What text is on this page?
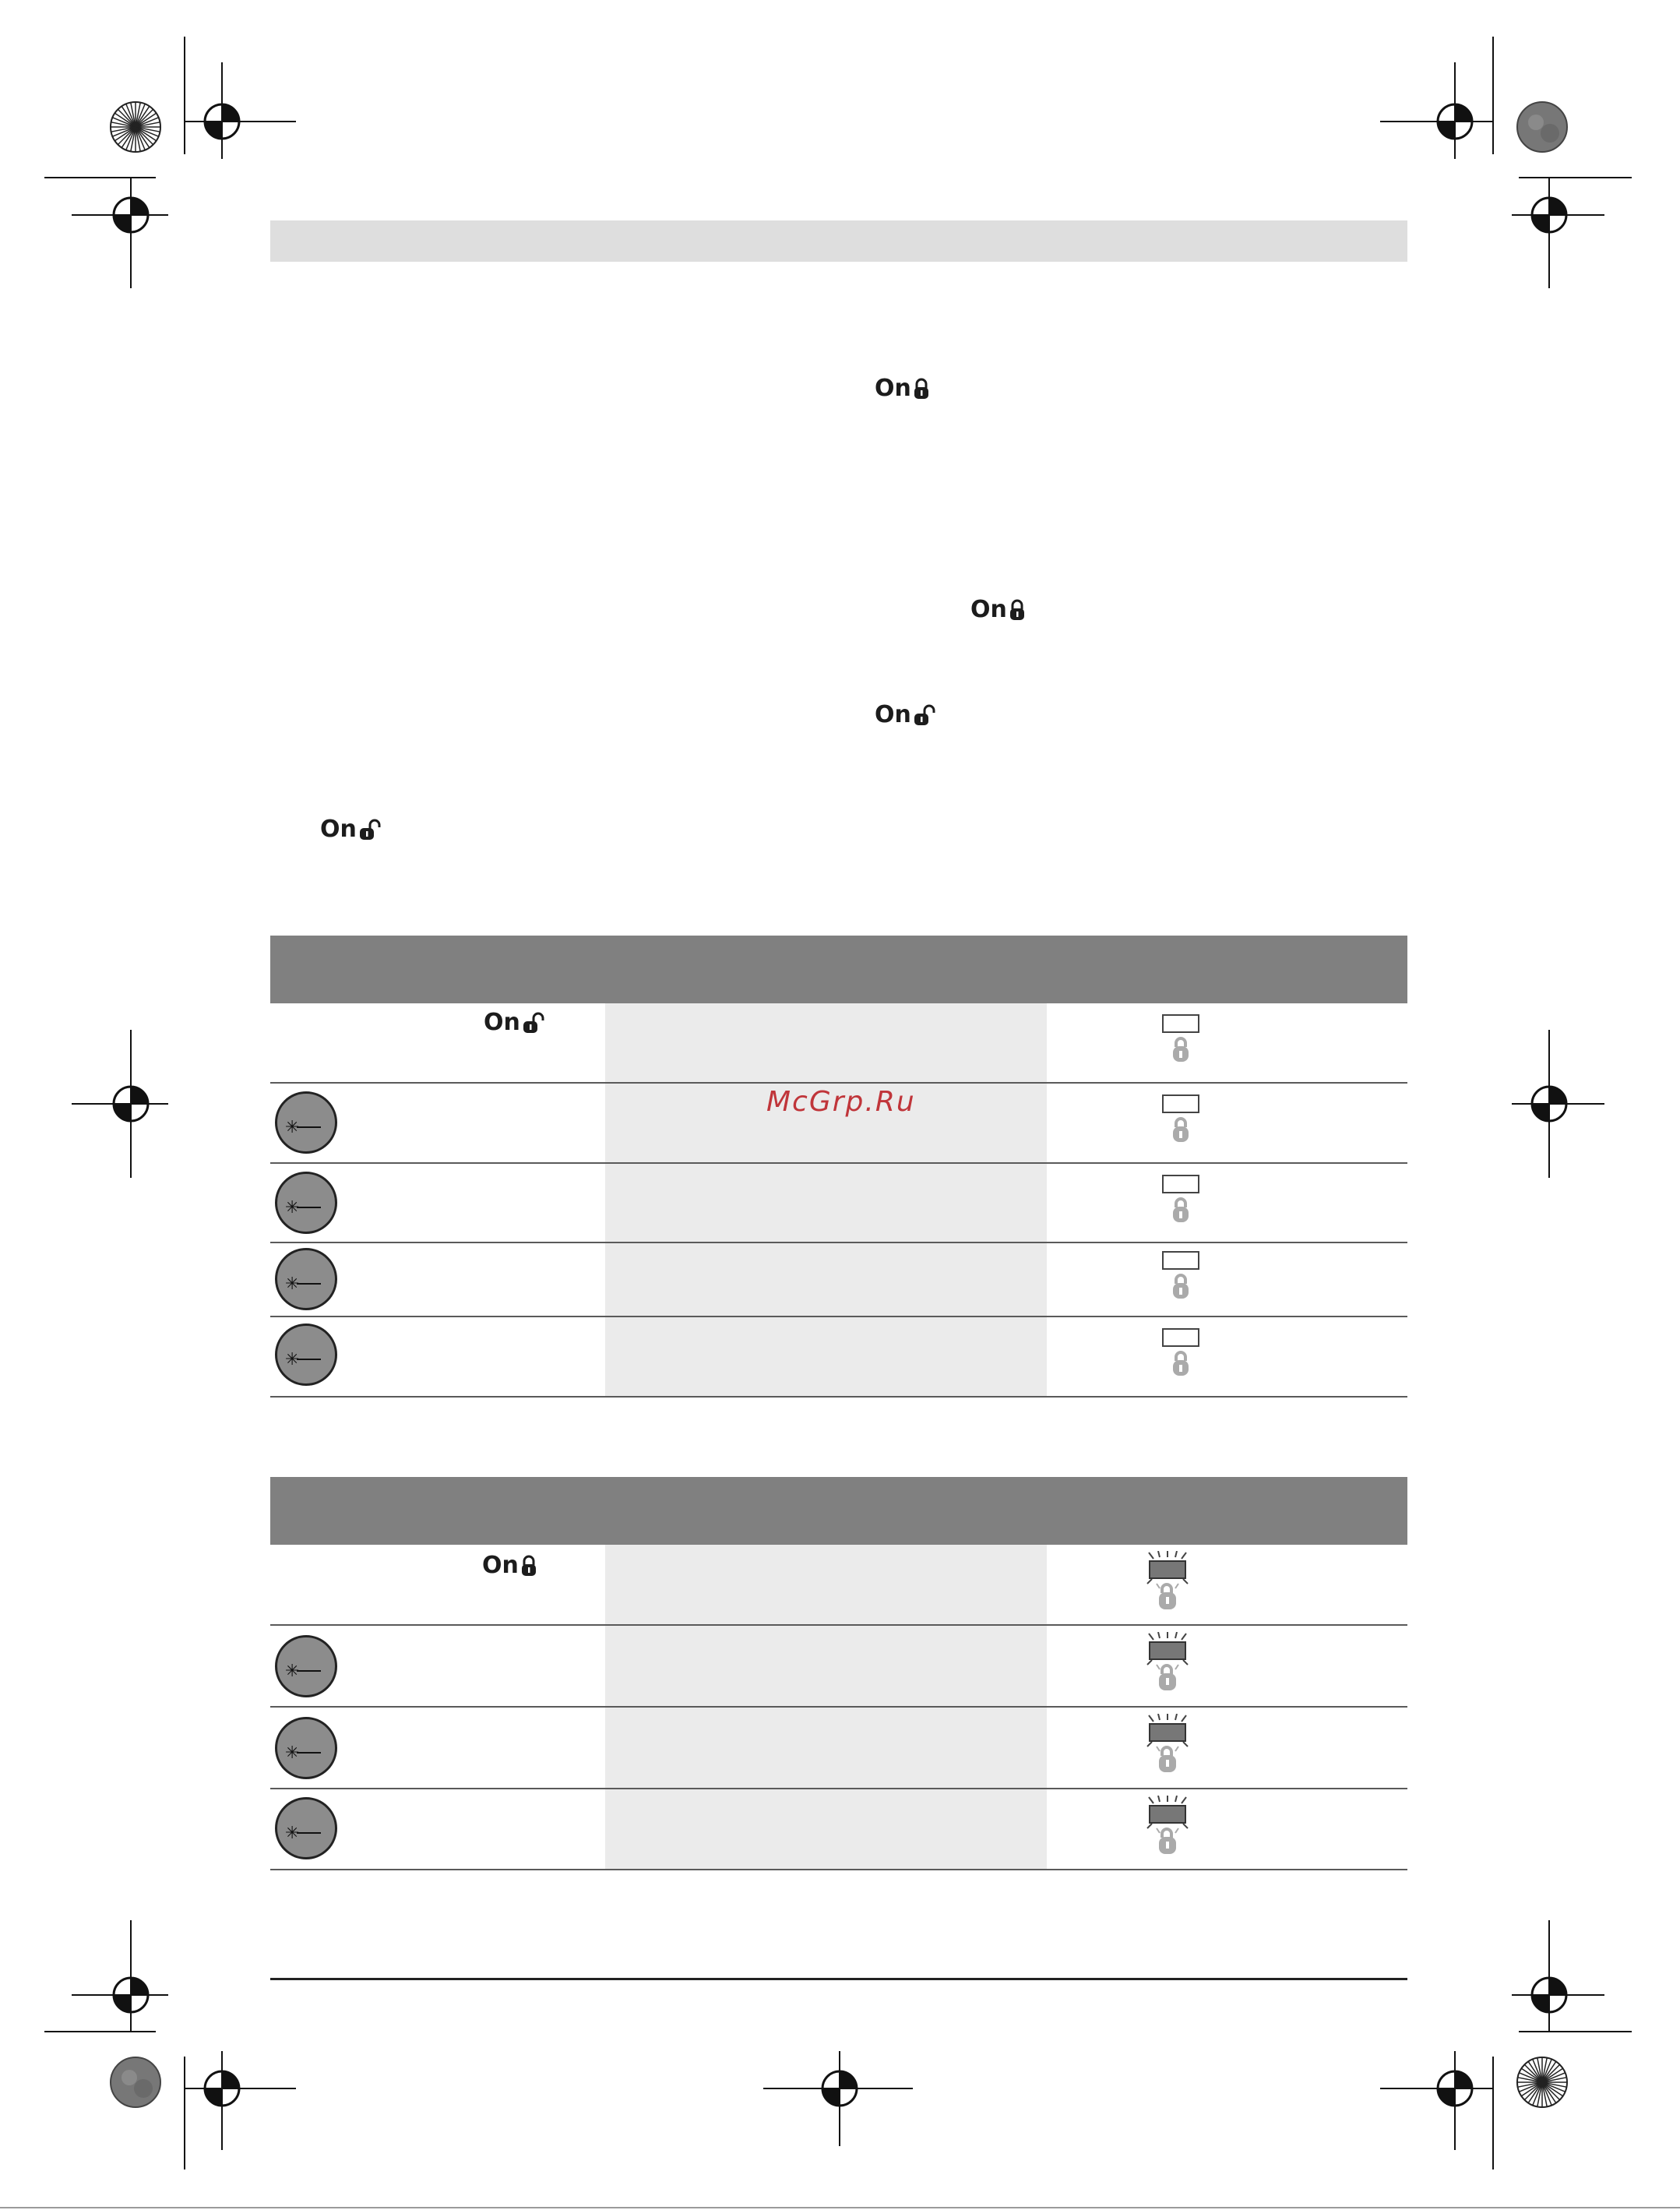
On
On
On
On
On
✳
✳
✳
✳
On
✳
✳
✳
McGrp.Ru
